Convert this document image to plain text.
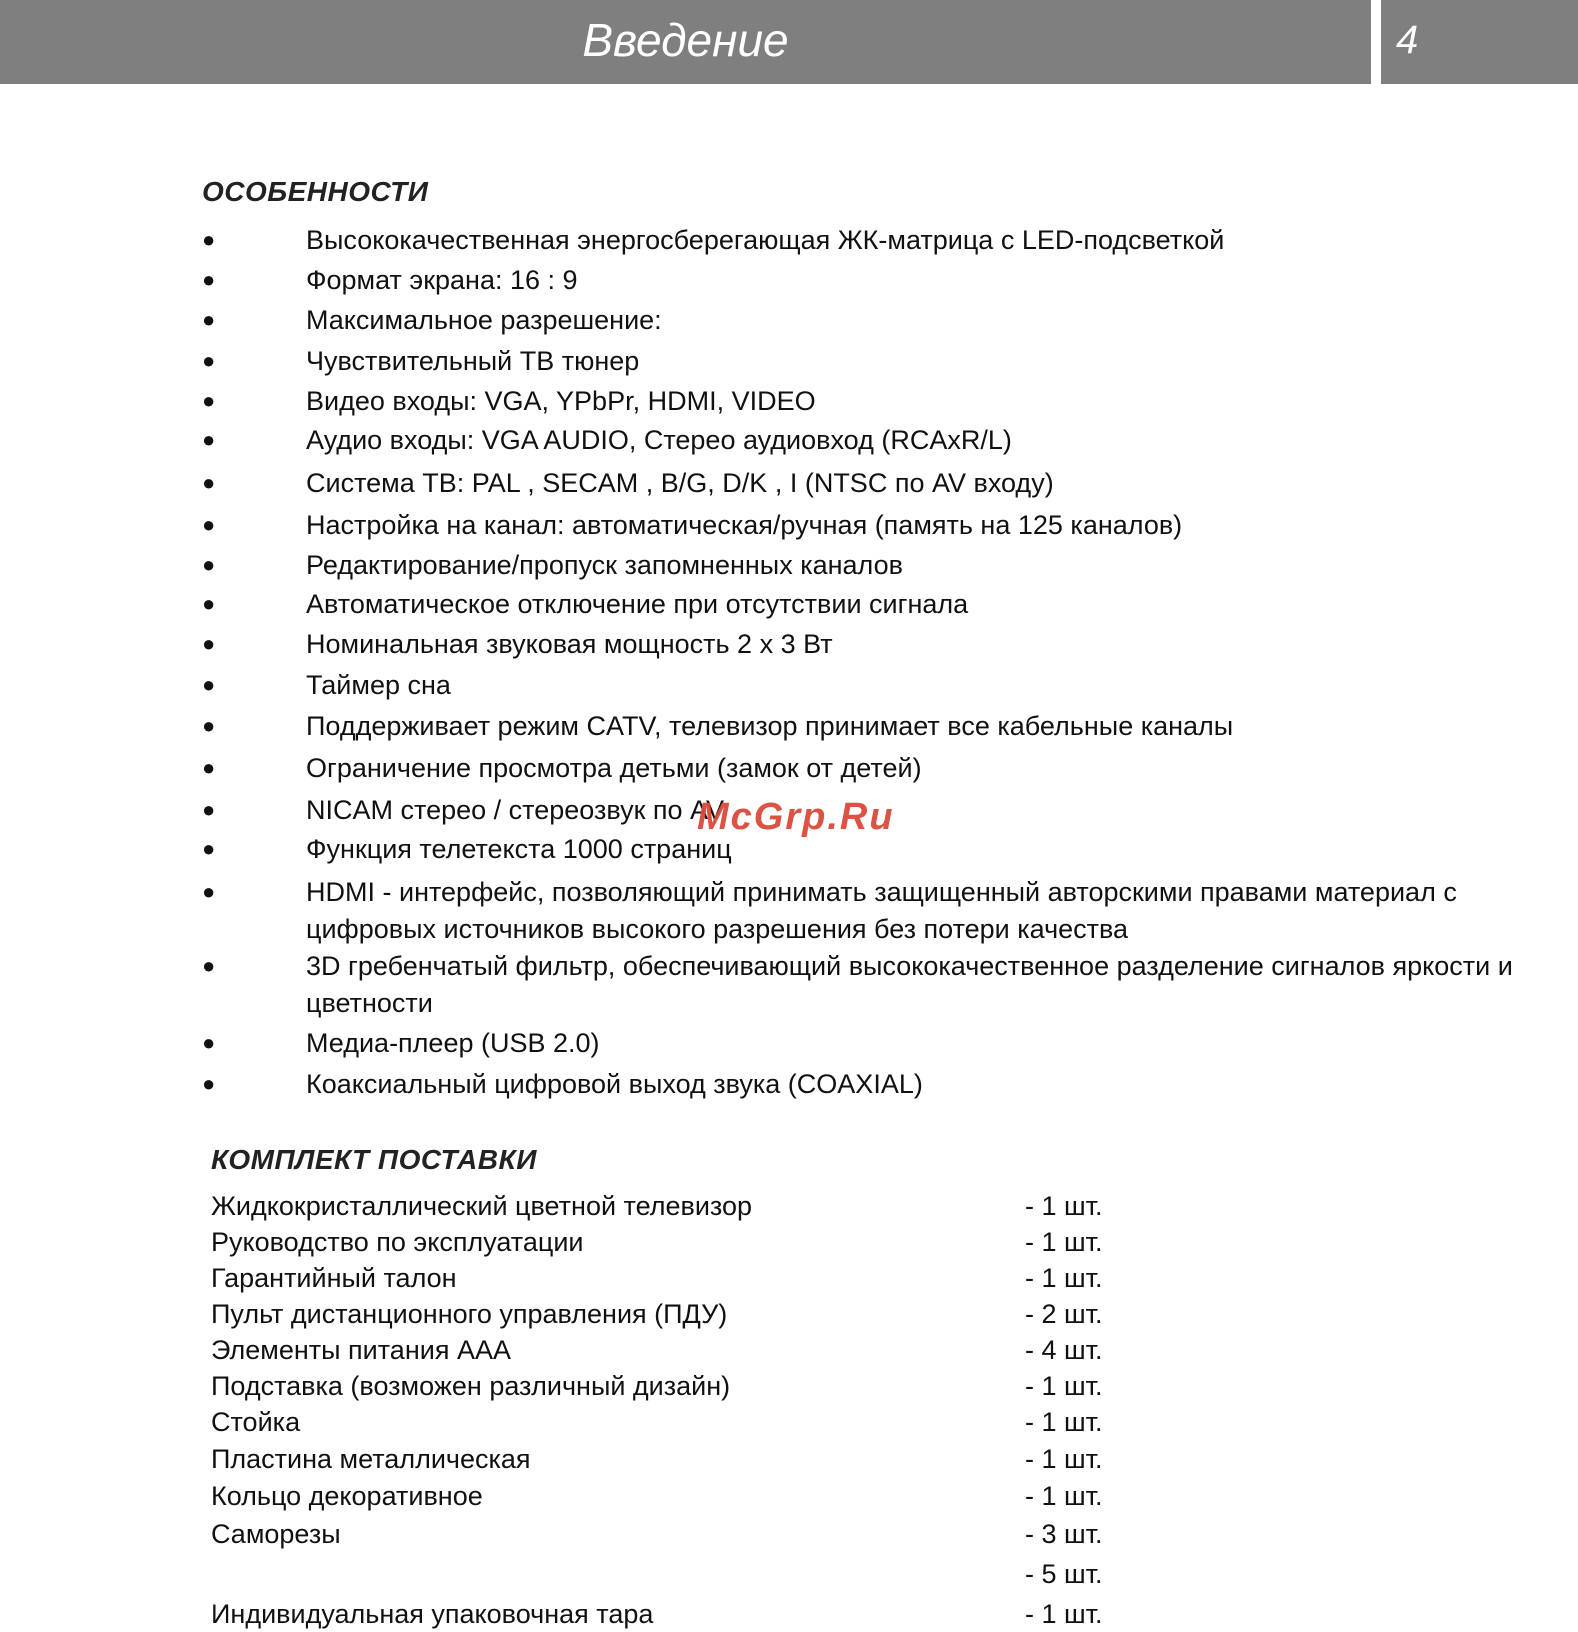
Введение	4
ОСОБЕННОСТИ
●	Высококачественная энергосберегающая ЖК-матрица с LED-подсветкой
●	Формат экрана: 16 : 9
●	Максимальное разрешение:
●	Чувствительный ТВ тюнер
●	Видео входы: VGA, YPbPr, HDMI, VIDEO
●	Аудио входы: VGA AUDIO, Стерео аудиовход (RCAxR/L)
●	Система ТВ: PAL , SECAM , B/G, D/K , I (NTSC по AV входу)
●	Настройка на канал: автоматическая/ручная (память на 125 каналов)
●	Редактирование/пропуск запомненных каналов
●	Автоматическое отключение при отсутствии сигнала
●	Номинальная звуковая мощность 2 х 3 Вт
●	Таймер сна
●	Поддерживает режим CATV, телевизор принимает все кабельные каналы
●	Ограничение просмотра детьми (замок от детей)
●	NICAM стерео / стереозвук по AV
●	Функция телетекста 1000 страниц
●	HDMI - интерфейс, позволяющий принимать защищенный авторскими правами материал с цифровых источников высокого разрешения без потери качества
●	3D гребенчатый фильтр, обеспечивающий высококачественное разделение сигналов яркости и цветности
●	Медиа-плеер (USB 2.0)
●	Коаксиальный цифровой выход звука (COAXIAL)
КОМПЛЕКТ ПОСТАВКИ
Жидкокристаллический цветной телевизор	- 1 шт.
Руководство по эксплуатации	- 1 шт.
Гарантийный талон	- 1 шт.
Пульт дистанционного управления (ПДУ)	- 2 шт.
Элементы питания ААА	- 4 шт.
Подставка (возможен различный дизайн)	- 1 шт.
Стойка	- 1 шт.
Пластина металлическая	- 1 шт.
Кольцо декоративное	- 1 шт.
Саморезы	- 3 шт.
- 5 шт.
Индивидуальная упаковочная тара	- 1 шт.
McGrp.Ru
